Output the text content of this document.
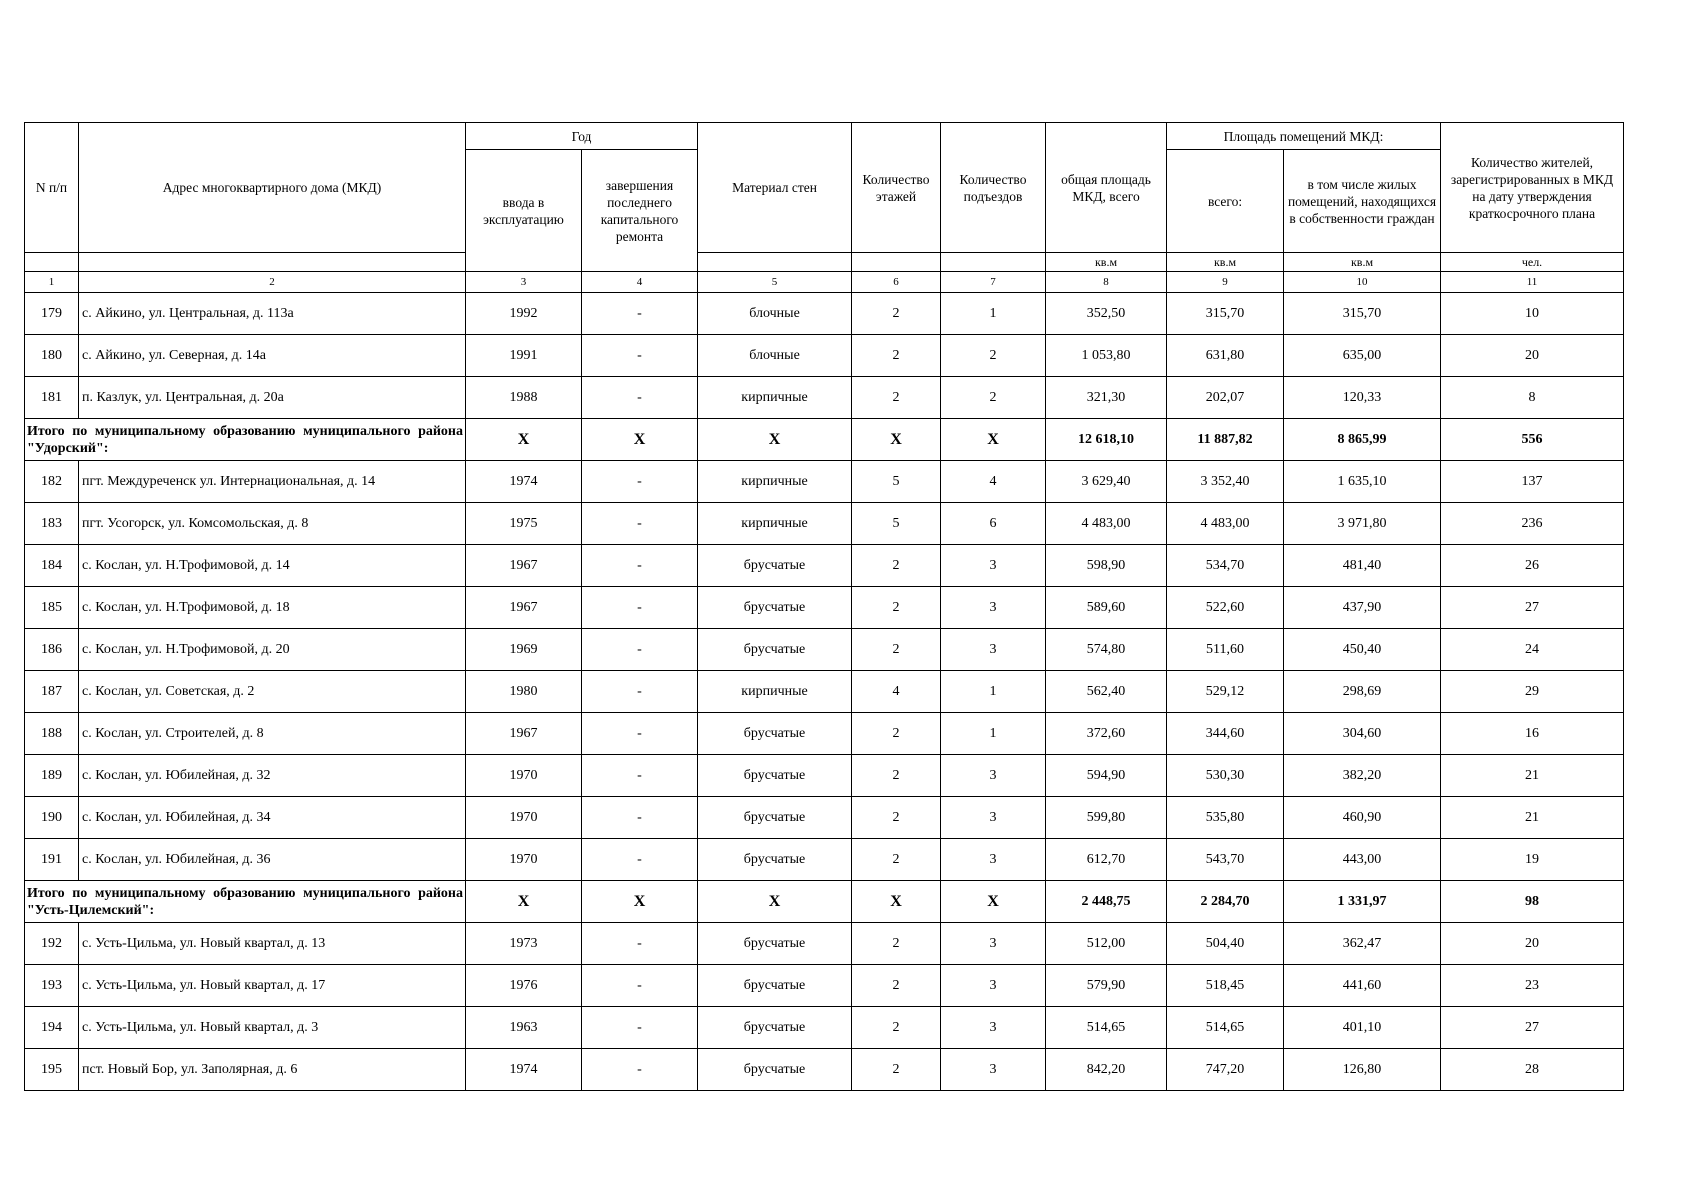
N п/п	Адрес многоквартирного дома (МКД)	Год		Материал стен	Количество этажей	Количество подъездов	общая площадь МКД, всего	Площадь помещений МКД:		Количество жителей, зарегистрированных в МКД на дату утверждения краткосрочного плана
		ввода в эксплуатацию	завершения последнего капитального ремонта					всего:	в том числе жилых помещений, находящихся в собственности граждан	
							кв.м	кв.м	кв.м	чел.
1	2	3	4	5	6	7	8	9	10	11
179	с. Айкино, ул. Центральная, д. 113а	1992	-	блочные	2	1	352,50	315,70	315,70	10
180	с. Айкино, ул. Северная, д. 14а	1991	-	блочные	2	2	1 053,80	631,80	635,00	20
181	п. Казлук, ул. Центральная, д. 20а	1988	-	кирпичные	2	2	321,30	202,07	120,33	8
Итого по муниципальному образованию муниципального района "Удорский":		X	X	X	X	X	12 618,10	11 887,82	8 865,99	556
182	пгт. Междуреченск ул. Интернациональная, д. 14	1974	-	кирпичные	5	4	3 629,40	3 352,40	1 635,10	137
183	пгт. Усогорск, ул. Комсомольская, д. 8	1975	-	кирпичные	5	6	4 483,00	4 483,00	3 971,80	236
184	с. Кослан, ул. Н.Трофимовой, д. 14	1967	-	брусчатые	2	3	598,90	534,70	481,40	26
185	с. Кослан, ул. Н.Трофимовой, д. 18	1967	-	брусчатые	2	3	589,60	522,60	437,90	27
186	с. Кослан, ул. Н.Трофимовой, д. 20	1969	-	брусчатые	2	3	574,80	511,60	450,40	24
187	с. Кослан, ул. Советская, д. 2	1980	-	кирпичные	4	1	562,40	529,12	298,69	29
188	с. Кослан, ул. Строителей, д. 8	1967	-	брусчатые	2	1	372,60	344,60	304,60	16
189	с. Кослан, ул. Юбилейная, д. 32	1970	-	брусчатые	2	3	594,90	530,30	382,20	21
190	с. Кослан, ул. Юбилейная, д. 34	1970	-	брусчатые	2	3	599,80	535,80	460,90	21
191	с. Кослан, ул. Юбилейная, д. 36	1970	-	брусчатые	2	3	612,70	543,70	443,00	19
Итого по муниципальному образованию муниципального района "Усть-Цилемский":		X	X	X	X	X	2 448,75	2 284,70	1 331,97	98
192	с. Усть-Цильма, ул. Новый квартал, д. 13	1973	-	брусчатые	2	3	512,00	504,40	362,47	20
193	с. Усть-Цильма, ул. Новый квартал, д. 17	1976	-	брусчатые	2	3	579,90	518,45	441,60	23
194	с. Усть-Цильма, ул. Новый квартал, д. 3	1963	-	брусчатые	2	3	514,65	514,65	401,10	27
195	пст. Новый Бор, ул. Заполярная, д. 6	1974	-	брусчатые	2	3	842,20	747,20	126,80	28
